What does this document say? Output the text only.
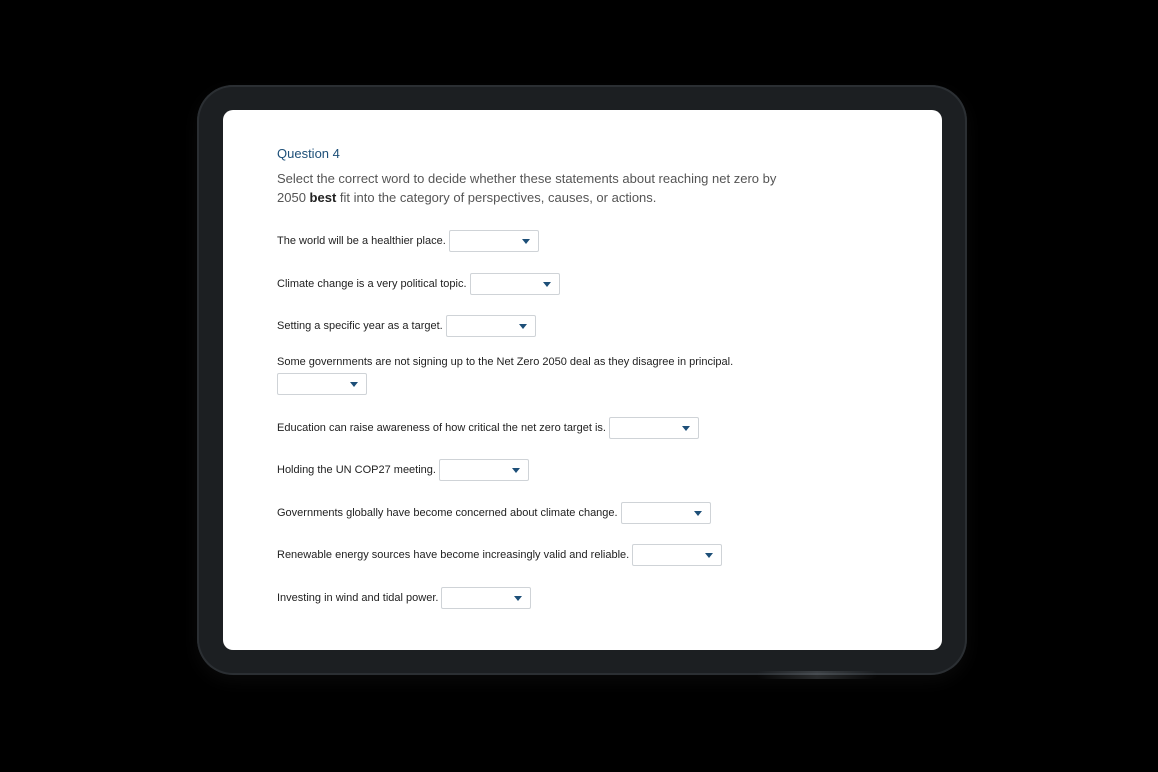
Question 4

Select the correct word to decide whether these statements about reaching net zero by 2050 best fit into the category of perspectives, causes, or actions.

The world will be a healthier place.
Climate change is a very political topic.
Setting a specific year as a target.
Some governments are not signing up to the Net Zero 2050 deal as they disagree in principal.
Education can raise awareness of how critical the net zero target is.
Holding the UN COP27 meeting.
Governments globally have become concerned about climate change.
Renewable energy sources have become increasingly valid and reliable.
Investing in wind and tidal power.
